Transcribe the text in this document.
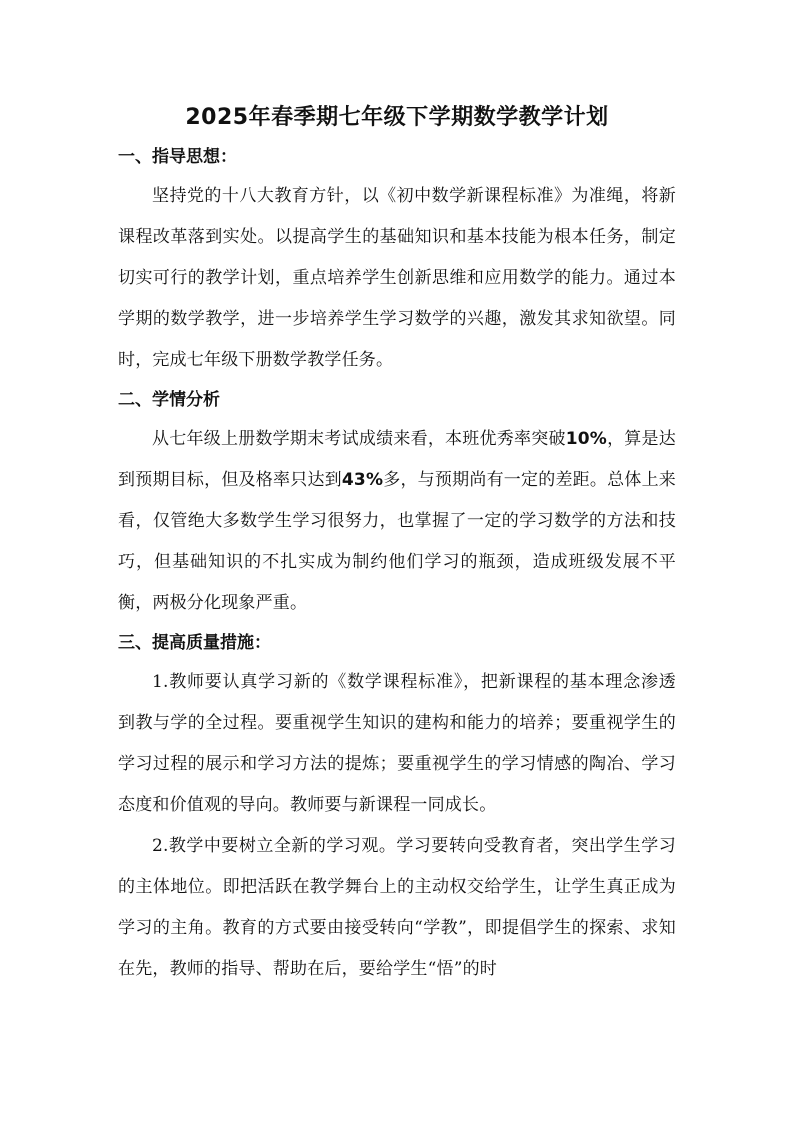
2025年春季期七年级下学期数学教学计划
一、指导思想：

坚持党的十八大教育方针，以《初中数学新课程标准》为准绳，将新课程改革落到实处。以提高学生的基础知识和基本技能为根本任务，制定切实可行的教学计划，重点培养学生创新思维和应用数学的能力。通过本学期的数学教学，进一步培养学生学习数学的兴趣，激发其求知欲望。同时，完成七年级下册数学教学任务。

二、学情分析

从七年级上册数学期末考试成绩来看，本班优秀率突破10%，算是达到预期目标，但及格率只达到43%多，与预期尚有一定的差距。总体上来看，仅管绝大多数学生学习很努力，也掌握了一定的学习数学的方法和技巧，但基础知识的不扎实成为制约他们学习的瓶颈，造成班级发展不平衡，两极分化现象严重。

三、提高质量措施：

1.教师要认真学习新的《数学课程标准》，把新课程的基本理念渗透到教与学的全过程。要重视学生知识的建构和能力的培养；要重视学生的学习过程的展示和学习方法的提炼；要重视学生的学习情感的陶冶、学习态度和价值观的导向。教师要与新课程一同成长。

2.教学中要树立全新的学习观。学习要转向受教育者，突出学生学习的主体地位。即把活跃在教学舞台上的主动权交给学生，让学生真正成为学习的主角。教育的方式要由接受转向“学教”，即提倡学生的探索、求知在先，教师的指导、帮助在后，要给学生“悟”的时
